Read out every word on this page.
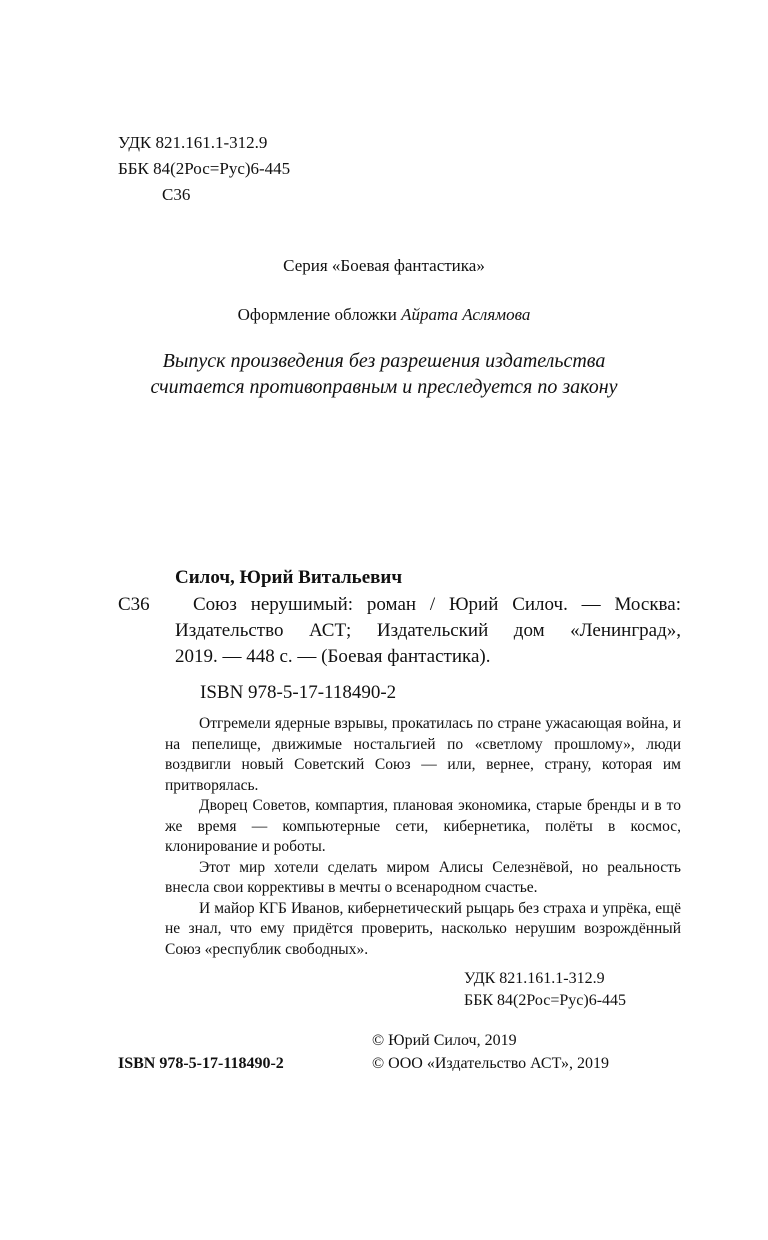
УДК 821.161.1-312.9
ББК 84(2Рос=Рус)6-445
С36
Серия «Боевая фантастика»
Оформление обложки Айрата Аслямова
Выпуск произведения без разрешения издательства
считается противоправным и преследуется по закону
Силоч, Юрий Витальевич
С36 Союз нерушимый: роман / Юрий Силоч. — Москва:
Издательство АСТ; Издательский дом «Ленинград»,
2019. — 448 с. — (Боевая фантастика).
ISBN 978-5-17-118490-2

Отгремели ядерные взрывы, прокатилась по стране ужасающая война, и на пепелище, движимые ностальгией по «светлому прошлому», люди воздвигли новый Советский Союз — или, вернее, страну, которая им притворялась.

Дворец Советов, компартия, плановая экономика, старые бренды и в то же время — компьютерные сети, кибернетика, полёты в космос, клонирование и роботы.

Этот мир хотели сделать миром Алисы Селезнёвой, но реальность внесла свои коррективы в мечты о всенародном счастье.

И майор КГБ Иванов, кибернетический рыцарь без страха и упрёка, ещё не знал, что ему придётся проверить, насколько нерушим возрождённый Союз «республик свободных».

УДК 821.161.1-312.9
ББК 84(2Рос=Рус)6-445
© Юрий Силоч, 2019
ISBN 978-5-17-118490-2	© ООО «Издательство АСТ», 2019
